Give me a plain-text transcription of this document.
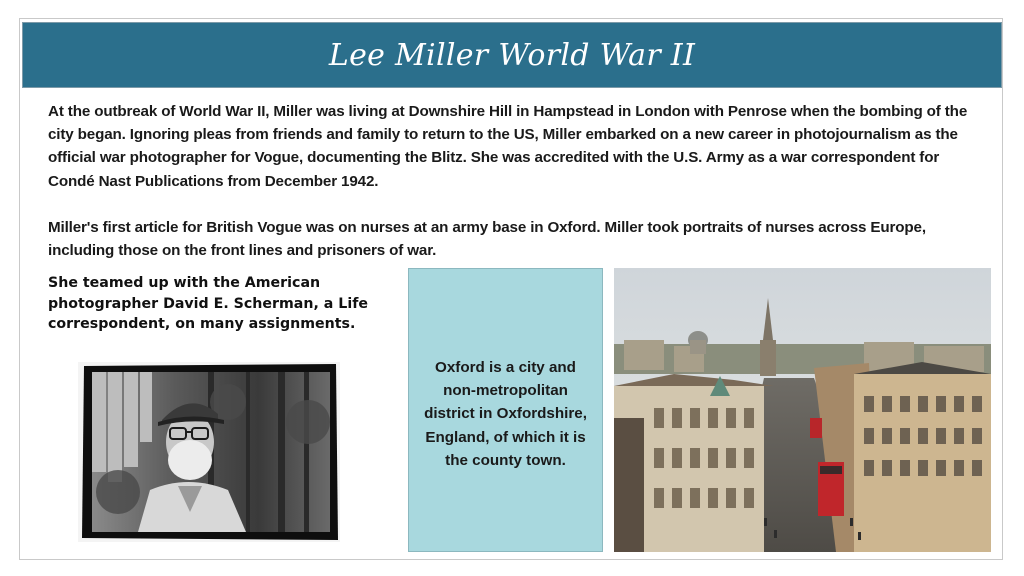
Lee Miller World War II

At the outbreak of World War II, Miller was living at Downshire Hill in Hampstead in London with Penrose when the bombing of the city began. Ignoring pleas from friends and family to return to the US, Miller embarked on a new career in photojournalism as the official war photographer for Vogue, documenting the Blitz. She was accredited with the U.S. Army as a war correspondent for Condé Nast Publications from December 1942.

Miller's first article for British Vogue was on nurses at an army base in Oxford. Miller took portraits of nurses across Europe, including those on the front lines and prisoners of war.

She teamed up with the American photographer David E. Scherman, a Life correspondent, on many assignments.
Oxford is a city and non-metropolitan district in Oxfordshire, England, of which it is the county town.
